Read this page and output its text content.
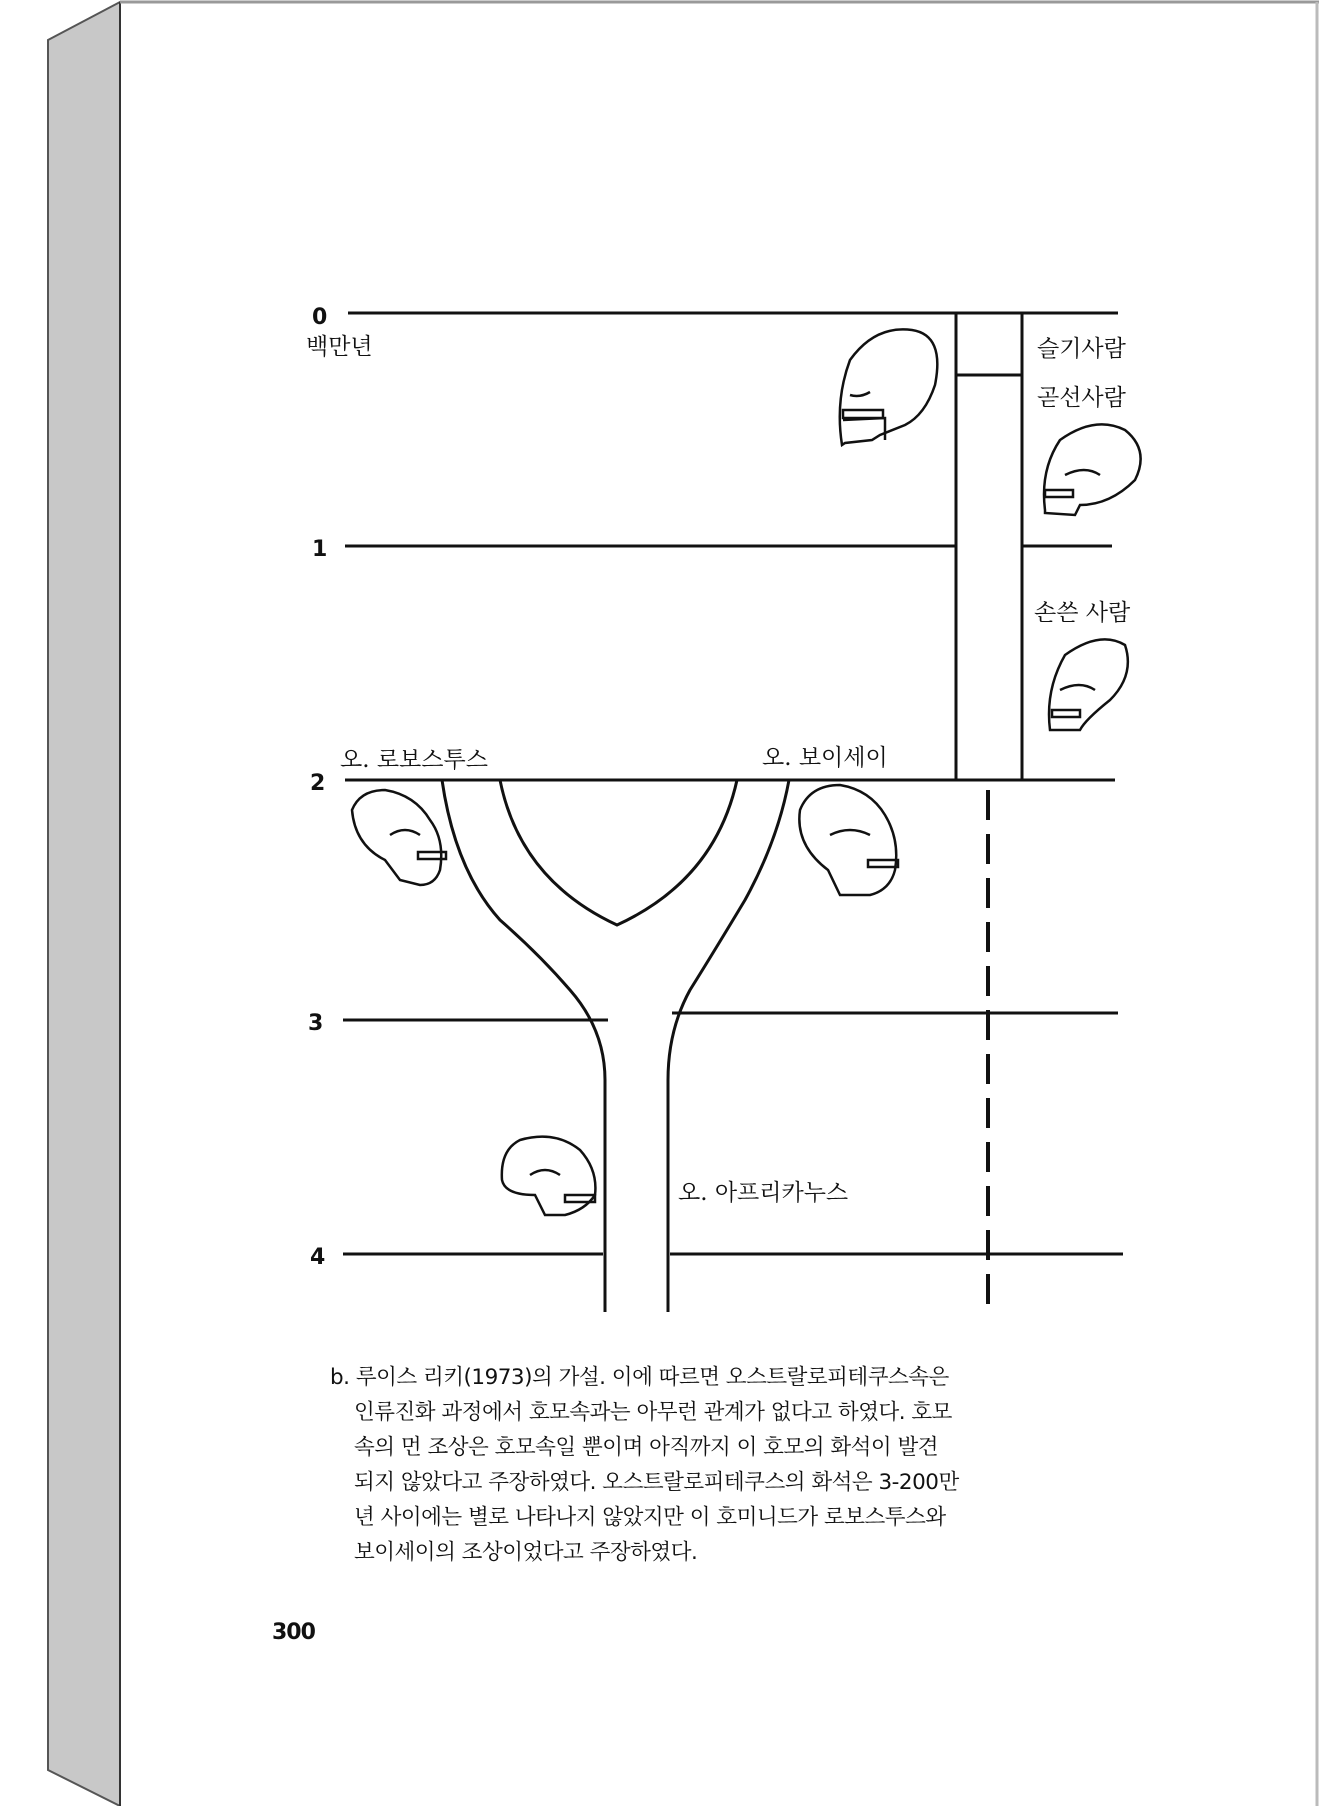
0
1
2
3
4
백만년	슬기사람
곧선사람
손쓴 사람
오. 로보스투스	오. 보이세이
오. 아프리카누스
b. 루이스 리키(1973)의 가설. 이에 따르면 오스트랄로피테쿠스속은
인류진화 과정에서 호모속과는 아무런 관계가 없다고 하였다. 호모
속의 먼 조상은 호모속일 뿐이며 아직까지 이 호모의 화석이 발견
되지 않았다고 주장하였다. 오스트랄로피테쿠스의 화석은 3-200만
년 사이에는 별로 나타나지 않았지만 이 호미니드가 로보스투스와
보이세이의 조상이었다고 주장하였다.
300
